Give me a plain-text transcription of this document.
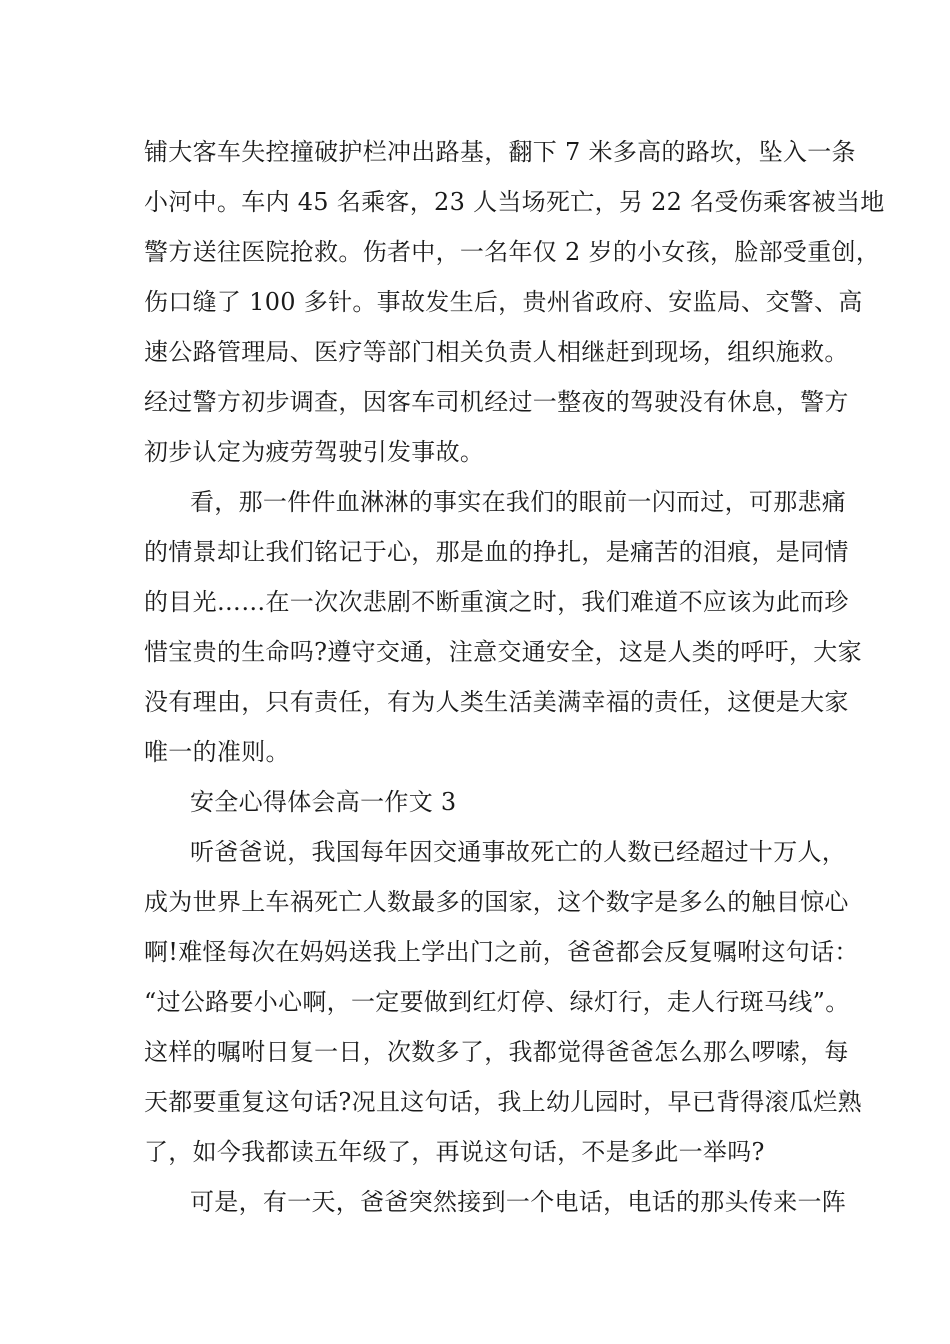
铺大客车失控撞破护栏冲出路基，翻下 7 米多高的路坎，坠入一条
小河中。车内 45 名乘客，23 人当场死亡，另 22 名受伤乘客被当地
警方送往医院抢救。伤者中，一名年仅 2 岁的小女孩，脸部受重创，
伤口缝了 100 多针。事故发生后，贵州省政府、安监局、交警、高
速公路管理局、医疗等部门相关负责人相继赶到现场，组织施救。
经过警方初步调查，因客车司机经过一整夜的驾驶没有休息，警方
初步认定为疲劳驾驶引发事故。
看，那一件件血淋淋的事实在我们的眼前一闪而过，可那悲痛
的情景却让我们铭记于心，那是血的挣扎，是痛苦的泪痕，是同情
的目光……在一次次悲剧不断重演之时，我们难道不应该为此而珍
惜宝贵的生命吗?遵守交通，注意交通安全，这是人类的呼吁，大家
没有理由，只有责任，有为人类生活美满幸福的责任，这便是大家
唯一的准则。
安全心得体会高一作文 3
听爸爸说，我国每年因交通事故死亡的人数已经超过十万人，
成为世界上车祸死亡人数最多的国家，这个数字是多么的触目惊心
啊!难怪每次在妈妈送我上学出门之前，爸爸都会反复嘱咐这句话：
“过公路要小心啊，一定要做到红灯停、绿灯行，走人行斑马线”。
这样的嘱咐日复一日，次数多了，我都觉得爸爸怎么那么啰嗦，每
天都要重复这句话?况且这句话，我上幼儿园时，早已背得滚瓜烂熟
了，如今我都读五年级了，再说这句话，不是多此一举吗?
可是，有一天，爸爸突然接到一个电话，电话的那头传来一阵
